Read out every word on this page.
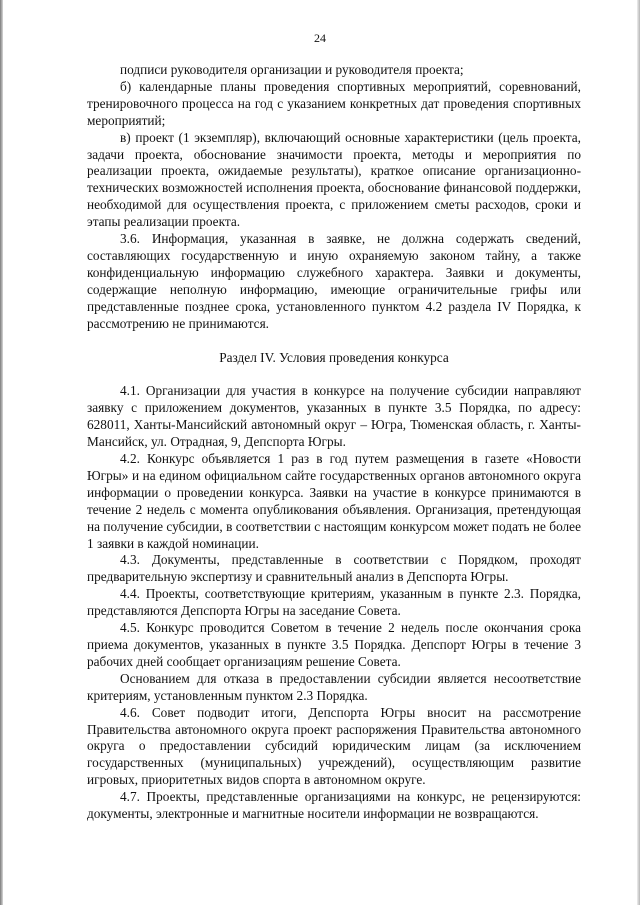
24

подписи руководителя организации и руководителя проекта;

б) календарные планы проведения спортивных мероприятий, соревнований, тренировочного процесса на год с указанием конкретных дат проведения спортивных мероприятий;

в) проект (1 экземпляр), включающий основные характеристики (цель проекта, задачи проекта, обоснование значимости проекта, методы и мероприятия по реализации проекта, ожидаемые результаты), краткое описание организационно-технических возможностей исполнения проекта, обоснование финансовой поддержки, необходимой для осуществления проекта, с приложением сметы расходов, сроки и этапы реализации проекта.

3.6. Информация, указанная в заявке, не должна содержать сведений, составляющих государственную и иную охраняемую законом тайну, а также конфиденциальную информацию служебного характера. Заявки и документы, содержащие неполную информацию, имеющие ограничительные грифы или представленные позднее срока, установленного пунктом 4.2 раздела IV Порядка, к рассмотрению не принимаются.

Раздел IV. Условия проведения конкурса

4.1. Организации для участия в конкурсе на получение субсидии направляют заявку с приложением документов, указанных в пункте 3.5 Порядка, по адресу: 628011, Ханты-Мансийский автономный округ – Югра, Тюменская область, г. Ханты-Мансийск, ул. Отрадная, 9, Депспорта Югры.

4.2. Конкурс объявляется 1 раз в год путем размещения в газете «Новости Югры» и на едином официальном сайте государственных органов автономного округа информации о проведении конкурса. Заявки на участие в конкурсе принимаются в течение 2 недель с момента опубликования объявления. Организация, претендующая на получение субсидии, в соответствии с настоящим конкурсом может подать не более 1 заявки в каждой номинации.

4.3. Документы, представленные в соответствии с Порядком, проходят предварительную экспертизу и сравнительный анализ в Депспорта Югры.

4.4. Проекты, соответствующие критериям, указанным в пункте 2.3. Порядка, представляются Депспорта Югры на заседание Совета.

4.5. Конкурс проводится Советом в течение 2 недель после окончания срока приема документов, указанных в пункте 3.5 Порядка. Депспорт Югры в течение 3 рабочих дней сообщает организациям решение Совета.

Основанием для отказа в предоставлении субсидии является несоответствие критериям, установленным пунктом 2.3 Порядка.

4.6. Совет подводит итоги, Депспорта Югры вносит на рассмотрение Правительства автономного округа проект распоряжения Правительства автономного округа о предоставлении субсидий юридическим лицам (за исключением государственных (муниципальных) учреждений), осуществляющим развитие игровых, приоритетных видов спорта в автономном округе.

4.7. Проекты, представленные организациями на конкурс, не рецензируются: документы, электронные и магнитные носители информации не возвращаются.
